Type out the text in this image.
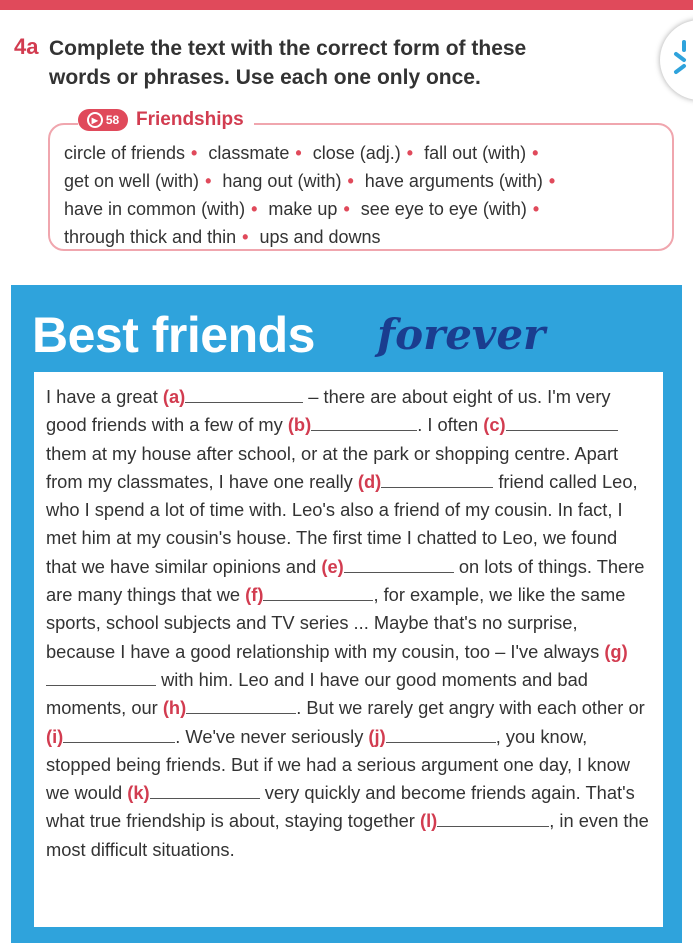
4a Complete the text with the correct form of these
words or phrases. Use each one only once.
▶ 58 Friendships
circle of friends • classmate • close (adj.) • fall out (with) •
get on well (with) • hang out (with) • have arguments (with) •
have in common (with) • make up • see eye to eye (with) •
through thick and thin • ups and downs
Best friends forever
I have a great (a)	– there are about eight of us. I'm very good friends with a few of my (b)	. I often (c) them at my house after school, or at the park or shopping centre. Apart from my classmates, I have one really (d)	friend called Leo, who I spend a lot of time with. Leo's also a friend of my cousin. In fact, I met him at my cousin's house. The first time I chatted to Leo, we found that we have similar opinions and (e)	on lots of things. There are many things that we (f)	, for example, we like the same sports, school subjects and TV series ... Maybe that's no surprise, because I have a good relationship with my cousin, too – I've always (g) with him. Leo and I have our good moments and bad moments, our (h)	. But we rarely get angry with each other or (i)	. We've never seriously (j)	, you know, stopped being friends. But if we had a serious argument one day, I know we would (k)	very quickly and become friends again. That's what true friendship is about, staying together (l)	, in even the most difficult situations.
